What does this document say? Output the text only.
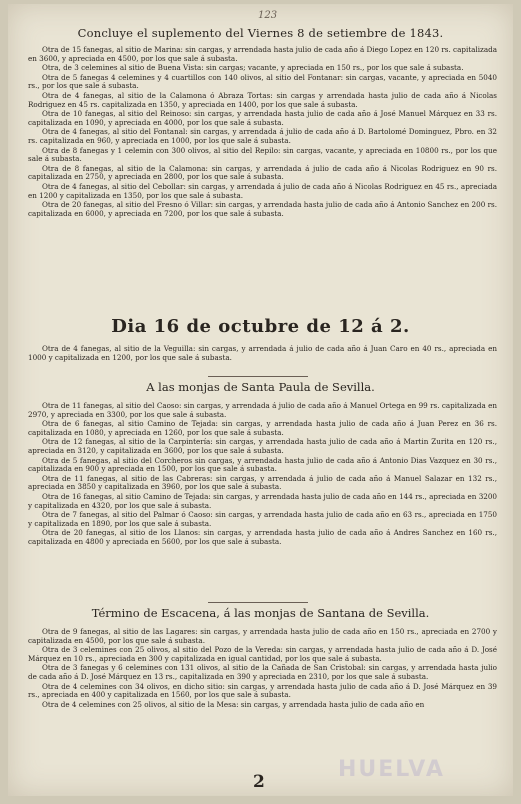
123
Concluye el suplemento del Viernes 8 de setiembre de 1843.

Otra de 15 fanegas, al sitio de Marina: sin cargas, y arrendada hasta julio de cada año á Diego Lopez en 120 rs. capitalizada en 3600, y apreciada en 4500, por los que sale á subasta.

Otra, de 3 celemines al sitio de Buena Vista: sin cargas; vacante, y apreciada en 150 rs., por los que sale á subasta.

Otra de 5 fanegas 4 celemines y 4 cuartillos con 140 olivos, al sitio del Fontanar: sin cargas, vacante, y apreciada en 5040 rs., por los que sale á subasta.

Otra de 4 fanegas, al sitio de la Calamona ó Abraza Tortas: sin cargas y arrendada hasta julio de cada año á Nicolas Rodriguez en 45 rs. capitalizada en 1350, y apreciada en 1400, por los que sale á subasta.

Otra de 10 fanegas, al sitio del Reinoso: sin cargas, y arrendada hasta julio de cada año á José Manuel Márquez en 33 rs. capitalizada en 1090, y apreciada en 4000, por los que sale á subasta.

Otra de 4 fanegas, al sitio del Fontanal: sin cargas, y arrendada á julio de cada año á D. Bartolomé Dominguez, Pbro. en 32 rs. capitalizada en 960, y apreciada en 1000, por los que sale á subasta.

Otra de 8 fanegas y 1 celemin con 300 olivos, al sitio del Repilo: sin cargas, vacante, y apreciada en 10800 rs., por los que sale á subasta.

Otra de 8 fanegas, al sitio de la Calamona: sin cargas, y arrendada á julio de cada año á Nicolas Rodriguez en 90 rs. capitalizada en 2750, y apreciada en 2800, por los que sale á subasta.

Otra de 4 fanegas, al sitio del Cebollar: sin cargas, y arrendada á julio de cada año á Nicolas Rodriguez en 45 rs., apreciada en 1200 y capitalizada en 1350, por los que sale á subasta.

Otra de 20 fanegas, al sitio del Fresno ó Villar: sin cargas, y arrendada hasta julio de cada año á Antonio Sanchez en 200 rs. capitalizada en 6000, y apreciada en 7200, por los que sale á subasta.

Dia 16 de octubre de 12 á 2.

Otra de 4 fanegas, al sitio de la Veguilla: sin cargas, y arrendada á julio de cada año á Juan Caro en 40 rs., apreciada en 1000 y capitalizada en 1200, por los que sale á subasta.

A las monjas de Santa Paula de Sevilla.

Otra de 11 fanegas, al sitio del Caoso: sin cargas, y arrendada á julio de cada año á Manuel Ortega en 99 rs. capitalizada en 2970, y apreciada en 3300, por los que sale á subasta.

Otra de 6 fanegas, al sitio Camino de Tejada: sin cargas, y arrendada hasta julio de cada año á Juan Perez en 36 rs. capitalizada en 1080, y apreciada en 1260, por los que sale á subasta.

Otra de 12 fanegas, al sitio de la Carpintería: sin cargas, y arrendada hasta julio de cada año á Martin Zurita en 120 rs., apreciada en 3120, y capitalizada en 3600, por los que sale á subasta.

Otra de 5 fanegas, al sitio del Corcheros sin cargas, y arrendada hasta julio de cada año á Antonio Dias Vazquez en 30 rs., capitalizada en 900 y apreciada en 1500, por los que sale á subasta.

Otra de 11 fanegas, al sitio de las Cabreras: sin cargas, y arrendada á julio de cada año á Manuel Salazar en 132 rs., apreciada en 3850 y capitalizada en 3960, por los que sale á subasta.

Otra de 16 fanegas, al sitio Camino de Tejada: sin cargas, y arrendada hasta julio de cada año en 144 rs., apreciada en 3200 y capitalizada en 4320, por los que sale á subasta.

Otra de 7 fanegas, al sitio del Palmar ó Caoso: sin cargas, y arrendada hasta julio de cada año en 63 rs., apreciada en 1750 y capitalizada en 1890, por los que sale á subasta.

Otra de 20 fanegas, al sitio de los Llanos: sin cargas, y arrendada hasta julio de cada año á Andres Sanchez en 160 rs., capitalizada en 4800 y apreciada en 5600, por los que sale á subasta.

Término de Escacena, á las monjas de Santana de Sevilla.

Otra de 9 fanegas, al sitio de las Lagares: sin cargas, y arrendada hasta julio de cada año en 150 rs., apreciada en 2700 y capitalizada en 4500, por los que sale á subasta.

Otra de 3 celemines con 25 olivos, al sitio del Pozo de la Vereda: sin cargas, y arrendada hasta julio de cada año á D. José Márquez en 10 rs., apreciada en 300 y capitalizada en igual cantidad, por los que sale á subasta.

Otra de 3 fanegas y 6 celemines con 131 olivos, al sitio de la Cañada de San Cristobal: sin cargas, y arrendada hasta julio de cada año á D. José Márquez en 13 rs., capitalizada en 390 y apreciada en 2310, por los que sale á subasta.

Otra de 4 celemines con 34 olivos, en dicho sitio: sin cargas, y arrendada hasta julio de cada año á D. José Márquez en 39 rs., apreciada en 400 y capitalizada en 1560, por los que sale á subasta.

Otra de 4 celemines con 25 olivos, al sitio de la Mesa: sin cargas, y arrendada hasta julio de cada año en

HUELVA
2
